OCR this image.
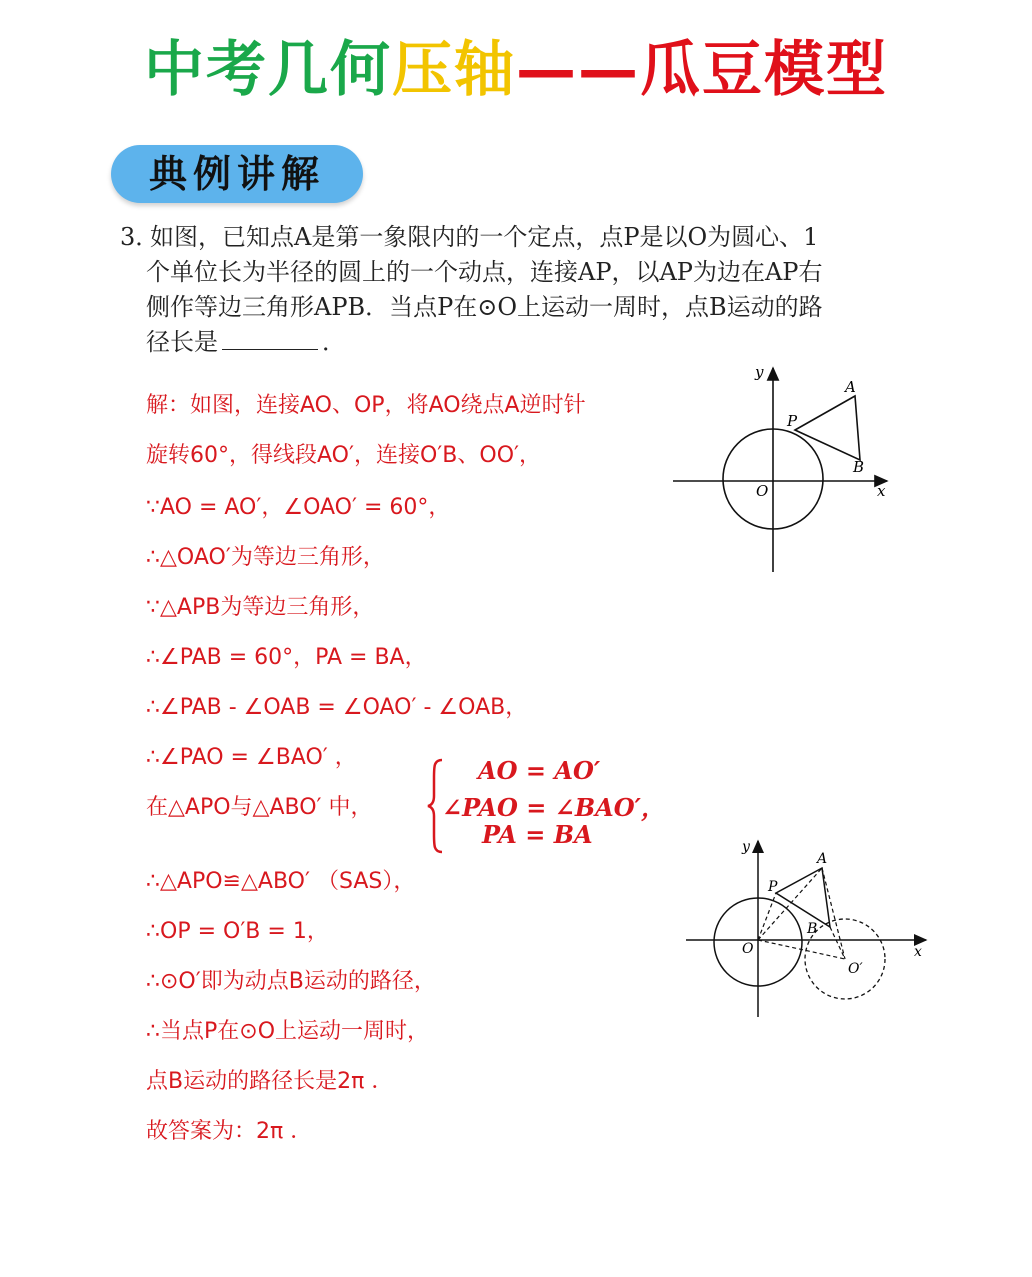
中考几何压轴——瓜豆模型
典例讲解
3．如图，已知点A是第一象限内的一个定点，点P是以O为圆心、1
个单位长为半径的圆上的一个动点，连接AP，以AP为边在AP右
侧作等边三角形APB．当点P在⊙O上运动一周时，点B运动的路
径长是	．
解：如图，连接AO、OP，将AO绕点A逆时针
旋转60°，得线段AO′，连接O′B、OO′，
∵AO = AO′，∠OAO′ = 60°，
∴△OAO′为等边三角形，
∵△APB为等边三角形，
∴∠PAB = 60°，PA = BA，
∴∠PAB - ∠OAB = ∠OAO′ - ∠OAB，
∴∠PAO = ∠BAO′ ，
在△APO与△ABO′ 中，
AO = AO′
∠PAO = ∠BAO′，
PA = BA
∴△APO≌△ABO′ （SAS），
∴OP = O′B = 1，
∴⊙O′即为动点B运动的路径，
∴当点P在⊙O上运动一周时，
点B运动的路径长是2π ．
故答案为：2π ．
y
x
O
A
P
B
y
x
O
A
P
B
O′
